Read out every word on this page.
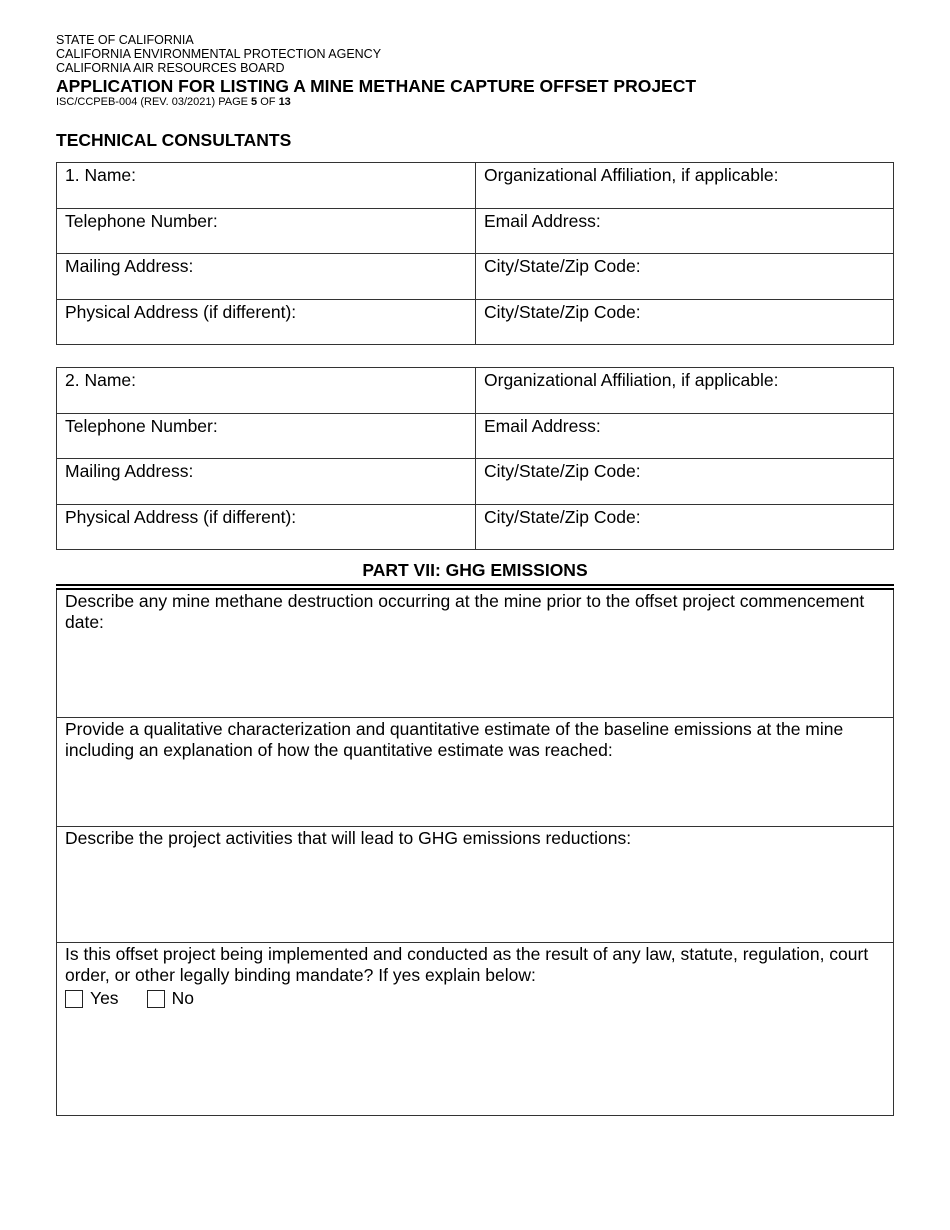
STATE OF CALIFORNIA
CALIFORNIA ENVIRONMENTAL PROTECTION AGENCY
CALIFORNIA AIR RESOURCES BOARD
APPLICATION FOR LISTING A MINE METHANE CAPTURE OFFSET PROJECT
ISC/CCPEB-004 (REV. 03/2021) PAGE 5 OF 13
TECHNICAL CONSULTANTS
1. Name:	Organizational Affiliation, if applicable:
Telephone Number:	Email Address:
Mailing Address:	City/State/Zip Code:
Physical Address (if different):	City/State/Zip Code:
2. Name:	Organizational Affiliation, if applicable:
Telephone Number:	Email Address:
Mailing Address:	City/State/Zip Code:
Physical Address (if different):	City/State/Zip Code:
PART VII: GHG EMISSIONS
Describe any mine methane destruction occurring at the mine prior to the offset project commencement date:
Provide a qualitative characterization and quantitative estimate of the baseline emissions at the mine including an explanation of how the quantitative estimate was reached:
Describe the project activities that will lead to GHG emissions reductions:
Is this offset project being implemented and conducted as the result of any law, statute, regulation, court order, or other legally binding mandate? If yes explain below:
Yes	No
